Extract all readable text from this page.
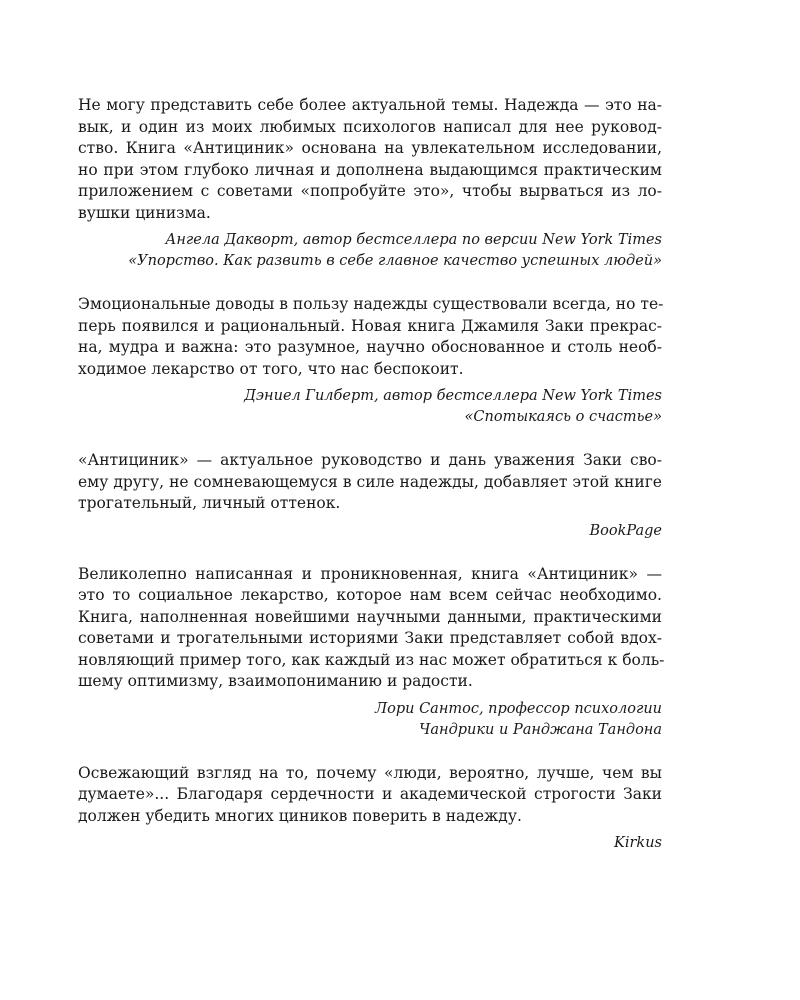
Не могу представить себе более актуальной темы. Надежда — это на-
вык, и один из моих любимых психологов написал для нее руковод-
ство. Книга «Антициник» основана на увлекательном исследовании,
но при этом глубоко личная и дополнена выдающимся практическим
приложением с советами «попробуйте это», чтобы вырваться из ло-
вушки цинизма.

Ангела Дакворт, автор бестселлера по версии New York Times
«Упорство. Как развить в себе главное качество успешных людей»

Эмоциональные доводы в пользу надежды существовали всегда, но те-
перь появился и рациональный. Новая книга Джамиля Заки прекрас-
на, мудра и важна: это разумное, научно обоснованное и столь необ-
ходимое лекарство от того, что нас беспокоит.

Дэниел Гилберт, автор бестселлера New York Times
«Спотыкаясь о счастье»

«Антициник» — актуальное руководство и дань уважения Заки сво-
ему другу, не сомневающемуся в силе надежды, добавляет этой книге
трогательный, личный оттенок.

BookPage

Великолепно написанная и проникновенная, книга «Антициник» —
это то социальное лекарство, которое нам всем сейчас необходимо.
Книга, наполненная новейшими научными данными, практическими
советами и трогательными историями Заки представляет собой вдох-
новляющий пример того, как каждый из нас может обратиться к боль-
шему оптимизму, взаимопониманию и радости.

Лори Сантос, профессор психологии
Чандрики и Ранджана Тандона

Освежающий взгляд на то, почему «люди, вероятно, лучше, чем вы
думаете»... Благодаря сердечности и академической строгости Заки
должен убедить многих циников поверить в надежду.

Kirkus
